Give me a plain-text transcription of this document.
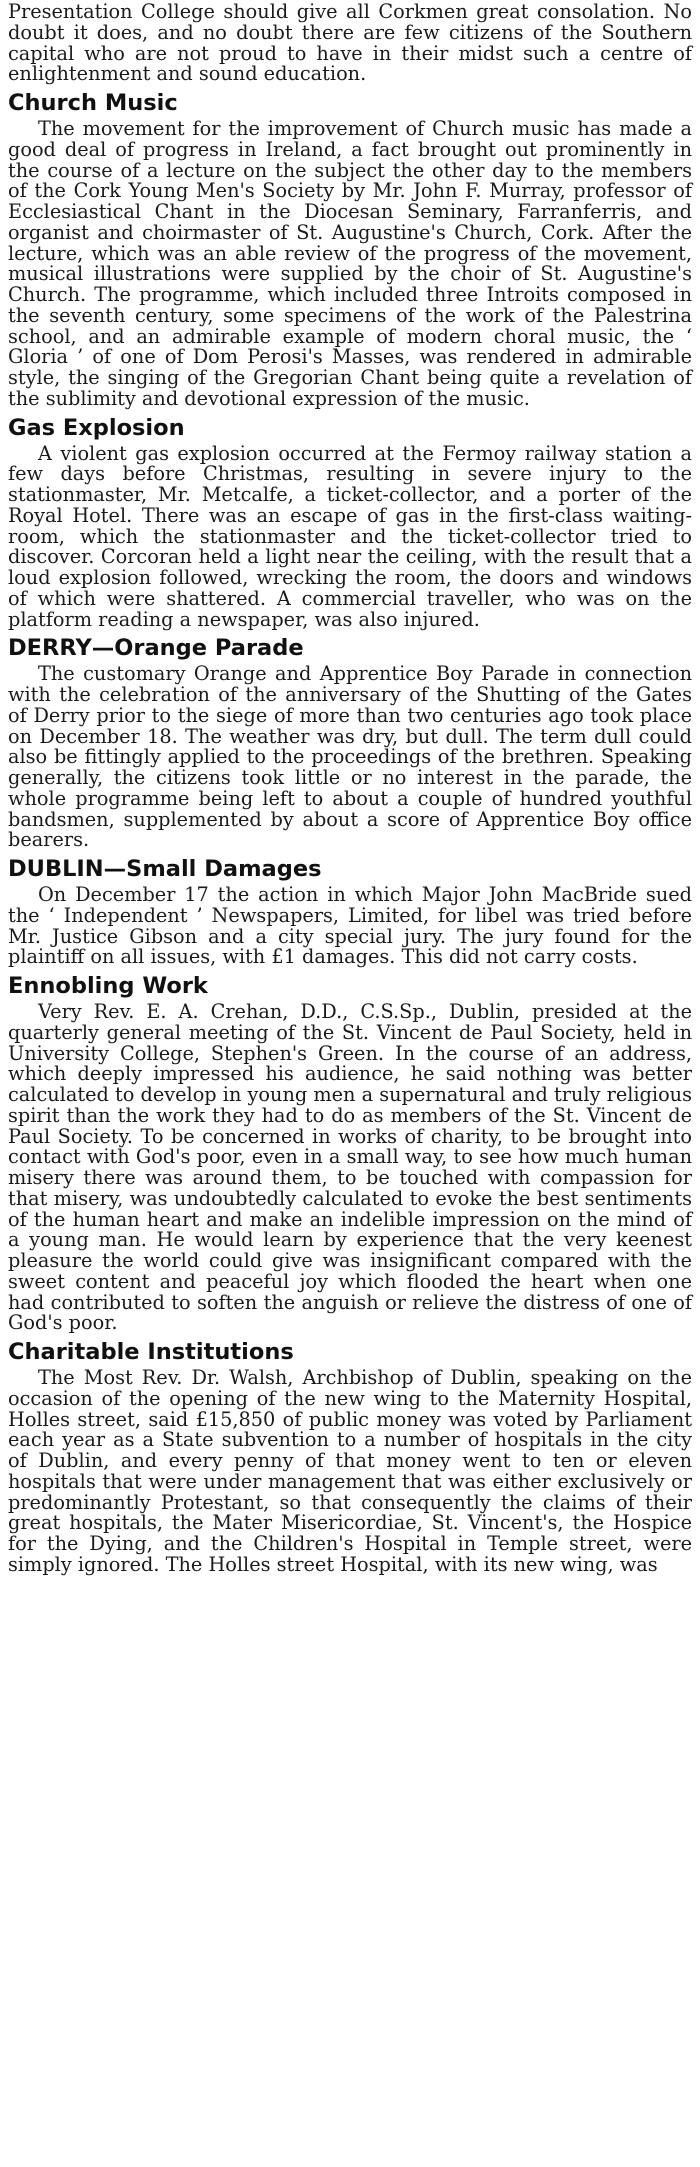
Presentation College should give all Corkmen great consolation. No doubt it does, and no doubt there are few citizens of the Southern capital who are not proud to have in their midst such a centre of enlightenment and sound education.

Church Music

The movement for the improvement of Church music has made a good deal of progress in Ireland, a fact brought out prominently in the course of a lecture on the subject the other day to the members of the Cork Young Men's Society by Mr. John F. Murray, professor of Ecclesiastical Chant in the Diocesan Seminary, Farranferris, and organist and choirmaster of St. Augustine's Church, Cork. After the lecture, which was an able review of the progress of the movement, musical illustrations were supplied by the choir of St. Augustine's Church. The programme, which included three Introits composed in the seventh century, some specimens of the work of the Palestrina school, and an admirable example of modern choral music, the ‘ Gloria ’ of one of Dom Perosi's Masses, was rendered in admirable style, the singing of the Gregorian Chant being quite a revelation of the sublimity and devotional expression of the music.

Gas Explosion

A violent gas explosion occurred at the Fermoy railway station a few days before Christmas, resulting in severe injury to the stationmaster, Mr. Metcalfe, a ticket-collector, and a porter of the Royal Hotel. There was an escape of gas in the first-class waiting-room, which the stationmaster and the ticket-collector tried to discover. Corcoran held a light near the ceiling, with the result that a loud explosion followed, wrecking the room, the doors and windows of which were shattered. A commercial traveller, who was on the platform reading a newspaper, was also injured.

DERRY—Orange Parade

The customary Orange and Apprentice Boy Parade in connection with the celebration of the anniversary of the Shutting of the Gates of Derry prior to the siege of more than two centuries ago took place on December 18. The weather was dry, but dull. The term dull could also be fittingly applied to the proceedings of the brethren. Speaking generally, the citizens took little or no interest in the parade, the whole programme being left to about a couple of hundred youthful bandsmen, supplemented by about a score of Apprentice Boy office bearers.

DUBLIN—Small Damages

On December 17 the action in which Major John MacBride sued the ‘ Independent ’ Newspapers, Limited, for libel was tried before Mr. Justice Gibson and a city special jury. The jury found for the plaintiff on all issues, with £1 damages. This did not carry costs.

Ennobling Work

Very Rev. E. A. Crehan, D.D., C.S.Sp., Dublin, presided at the quarterly general meeting of the St. Vincent de Paul Society, held in University College, Stephen's Green. In the course of an address, which deeply impressed his audience, he said nothing was better calculated to develop in young men a supernatural and truly religious spirit than the work they had to do as members of the St. Vincent de Paul Society. To be concerned in works of charity, to be brought into contact with God's poor, even in a small way, to see how much human misery there was around them, to be touched with compassion for that misery, was undoubtedly calculated to evoke the best sentiments of the human heart and make an indelible impression on the mind of a young man. He would learn by experience that the very keenest pleasure the world could give was insignificant compared with the sweet content and peaceful joy which flooded the heart when one had contributed to soften the anguish or relieve the distress of one of God's poor.

Charitable Institutions

The Most Rev. Dr. Walsh, Archbishop of Dublin, speaking on the occasion of the opening of the new wing to the Maternity Hospital, Holles street, said £15,850 of public money was voted by Parliament each year as a State subvention to a number of hospitals in the city of Dublin, and every penny of that money went to ten or eleven hospitals that were under management that was either exclusively or predominantly Protestant, so that consequently the claims of their great hospitals, the Mater Misericordiae, St. Vincent's, the Hospice for the Dying, and the Children's Hospital in Temple street, were simply ignored. The Holles street Hospital, with its new wing, was
